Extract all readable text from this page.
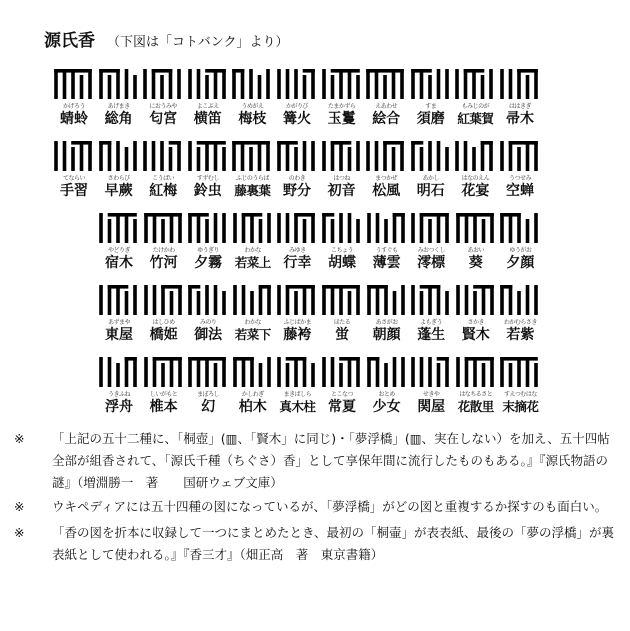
源氏香 （下図は「コトバンク」より）
かげろう
蜻蛉
あげまき
総角
におうみや
匂宮
よこぶえ
横笛
うめがえ
梅枝
かがりび
篝火
たまかずら
玉鬘
えあわせ
絵合
すま
須磨
もみじのが
紅葉賀
ははきぎ
帚木
てならい
手習
さわらび
早蕨
こうばい
紅梅
すずむし
鈴虫
ふじのうらば
藤裏葉
のわき
野分
はつね
初音
まつかぜ
松風
あかし
明石
はなのえん
花宴
うつせみ
空蝉
やどりぎ
宿木
たけかわ
竹河
ゆうぎり
夕霧
わかな
若菜上
みゆき
行幸
こちょう
胡蝶
うすぐも
薄雲
みおつくし
澪標
あおい
葵
ゆうがお
夕顔
あずまや
東屋
はしひめ
橋姫
みのり
御法
わかな
若菜下
ふじばかま
藤袴
ほたる
蛍
あさがお
朝顔
よもぎう
蓬生
さかき
賢木
わかむらさき
若紫
うきふね
浮舟
しいがもと
椎本
まぼろし
幻
かしわぎ
柏木
まきばしら
真木柱
とこなつ
常夏
おとめ
少女
せきや
関屋
はなちるさと
花散里
すえつむはな
末摘花
※ 「上記の五十二種に、「桐壺」(▥、「賢木」に同じ)・「夢浮橋」(▥、実在しない）を加え、五十四帖全部が組香されて、「源氏千種（ちぐさ）香」として享保年間に流行したものもある。』『源氏物語の謎』（増淵勝一　著　　国研ウェブ文庫）
※ ウキペディアには五十四種の図になっているが、「夢浮橋」がどの図と重複するか探すのも面白い。
※ 「香の図を折本に収録して一つにまとめたとき、最初の「桐壷」が表表紙、最後の「夢の浮橋」が裏表紙として使われる。』『香三才』（畑正高　著　東京書籍）
